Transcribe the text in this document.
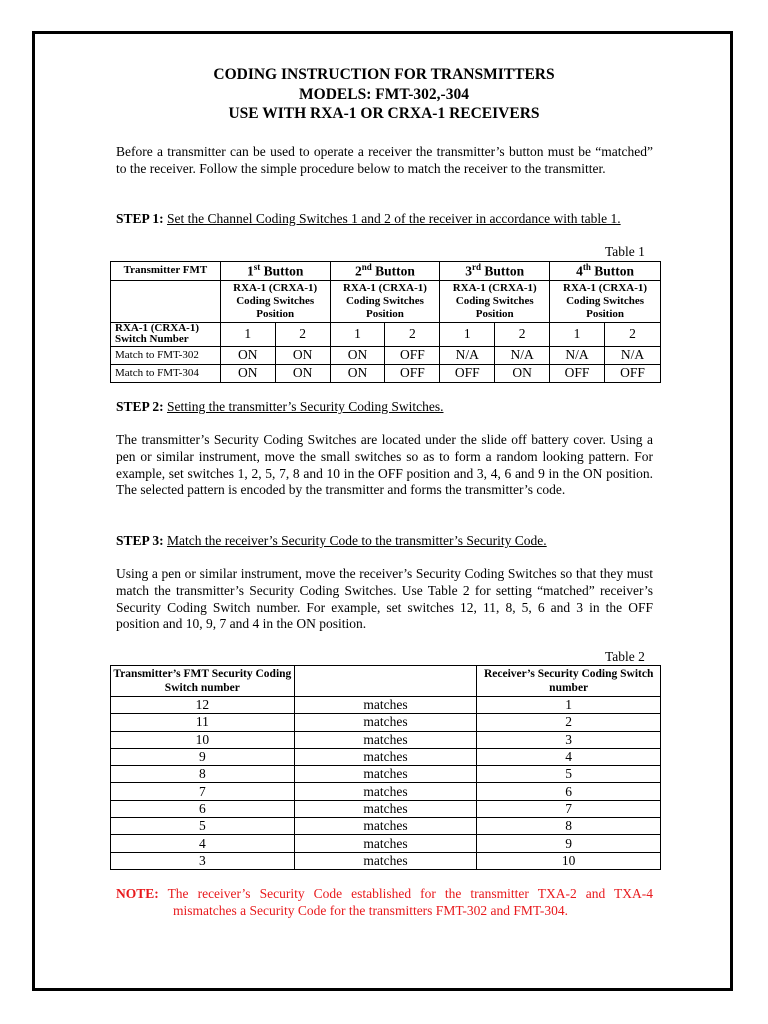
CODING INSTRUCTION FOR TRANSMITTERS
MODELS: FMT-302,-304
USE WITH RXA-1 OR CRXA-1 RECEIVERS

Before a transmitter can be used to operate a receiver the transmitter’s button must be “matched” to the receiver. Follow the simple procedure below to match the receiver to the transmitter.

STEP 1: Set the Channel Coding Switches 1 and 2 of the receiver in accordance with table 1.
Table 1
Transmitter FMT	1st Button		2nd Button		3rd Button		4th Button	
	RXA-1 (CRXA-1) Coding Switches Position		RXA-1 (CRXA-1) Coding Switches Position		RXA-1 (CRXA-1) Coding Switches Position		RXA-1 (CRXA-1) Coding Switches Position	
RXA-1 (CRXA-1) Switch Number	1	2	1	2	1	2	1	2
Match to FMT-302	ON	ON	ON	OFF	N/A	N/A	N/A	N/A
Match to FMT-304	ON	ON	ON	OFF	OFF	ON	OFF	OFF
STEP 2: Setting the transmitter’s Security Coding Switches.

The transmitter’s Security Coding Switches are located under the slide off battery cover. Using a pen or similar instrument, move the small switches so as to form a random looking pattern. For example, set switches 1, 2, 5, 7, 8 and 10 in the OFF position and 3, 4, 6 and 9 in the ON position. The selected pattern is encoded by the transmitter and forms the transmitter’s code.

STEP 3: Match the receiver’s Security Code to the transmitter’s Security Code.

Using a pen or similar instrument, move the receiver’s Security Coding Switches so that they must match the transmitter’s Security Coding Switches. Use Table 2 for setting “matched” receiver’s Security Coding Switch number. For example, set switches 12, 11, 8, 5, 6 and 3 in the OFF position and 10, 9, 7 and 4 in the ON position.

Table 2
Transmitter’s FMT Security Coding Switch number		Receiver’s Security Coding Switch number
12	matches	1
11	matches	2
10	matches	3
9	matches	4
8	matches	5
7	matches	6
6	matches	7
5	matches	8
4	matches	9
3	matches	10
NOTE: The receiver’s Security Code established for the transmitter TXA-2 and TXA-4 mismatches a Security Code for the transmitters FMT-302 and FMT-304.
